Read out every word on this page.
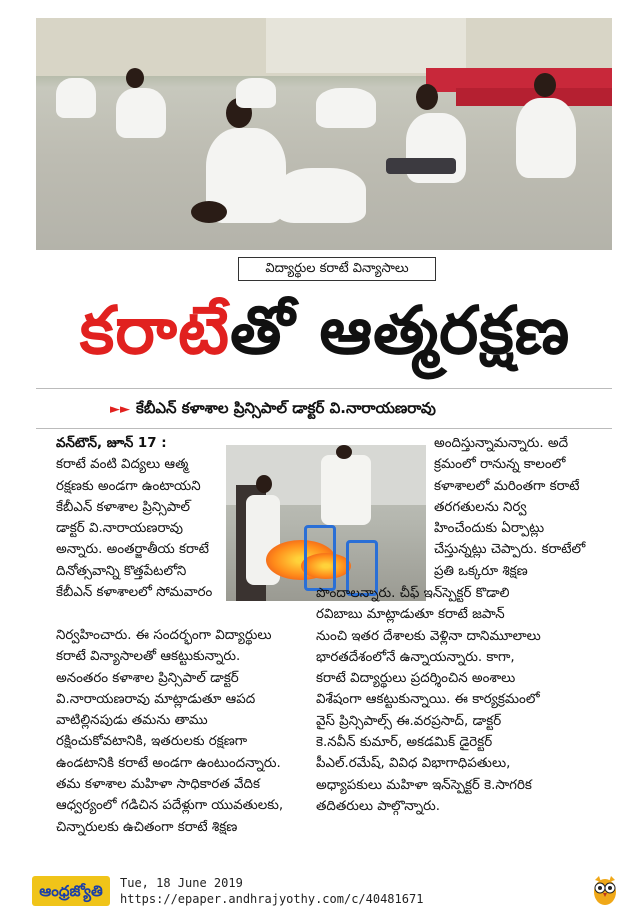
విద్యార్థుల కరాటే విన్యాసాలు
కరాటేతో ఆత్మరక్షణ
►► కేబీఎన్ కళాశాల ప్రిన్సిపాల్ డాక్టర్ వి.నారాయణరావు
వన్‌టౌన్, జూన్ 17 :
కరాటే వంటి విద్యలు ఆత్మ
రక్షణకు అండగా ఉంటాయని
కేబీఎన్ కళాశాల ప్రిన్సిపాల్
డాక్టర్ వి.నారాయణరావు
అన్నారు. అంతర్జాతీయ కరాటే
దినోత్సవాన్ని కొత్తపేటలోని
కేబీఎన్ కళాశాలలో సోమవారం
నిర్వహించారు. ఈ సందర్భంగా విద్యార్థులు
కరాటే విన్యాసాలతో ఆకట్టుకున్నారు.
అనంతరం కళాశాల ప్రిన్సిపాల్ డాక్టర్
వి.నారాయణరావు మాట్లాడుతూ ఆపద
వాటిల్లినపుడు తమను తాము
రక్షించుకోవటానికి, ఇతరులకు రక్షణగా
ఉండటానికి కరాటే అండగా ఉంటుందన్నారు.
తమ కళాశాల మహిళా సాధికారత వేదిక
ఆధ్వర్యంలో గడిచిన పదేళ్లుగా యువతులకు,
చిన్నారులకు ఉచితంగా కరాటే శిక్షణ
అందిస్తున్నామన్నారు. అదే
క్రమంలో రానున్న కాలంలో
కళాశాలలో మరింతగా కరాటే
తరగతులను నిర్వ
హించేందుకు ఏర్పాట్లు
చేస్తున్నట్లు చెప్పారు. కరాటేలో
ప్రతి ఒక్కరూ శిక్షణ
పొందాలన్నారు. చీఫ్ ఇన్‌స్పెక్టర్ కొడాలి
రవిబాబు మాట్లాడుతూ కరాటే జపాన్
నుంచి ఇతర దేశాలకు వెళ్లినా దానిమూలాలు
భారతదేశంలోనే ఉన్నాయన్నారు. కాగా,
కరాటే విద్యార్థులు ప్రదర్శించిన అంశాలు
విశేషంగా ఆకట్టుకున్నాయి. ఈ కార్యక్రమంలో
వైస్ ప్రిన్సిపాల్స్ ఈ.వరప్రసాద్, డాక్టర్
కె.నవీన్ కుమార్, అకడమిక్ డైరెక్టర్
పీఎల్.రమేష్, వివిధ విభాగాధిపతులు,
అధ్యాపకులు మహిళా ఇన్‌స్పెక్టర్ కె.సాగరిక
తదితరులు పాల్గొన్నారు.
ఆంధ్రజ్యోతి	Tue, 18 June 2019
https://epaper.andhrajyothy.com/c/40481671
